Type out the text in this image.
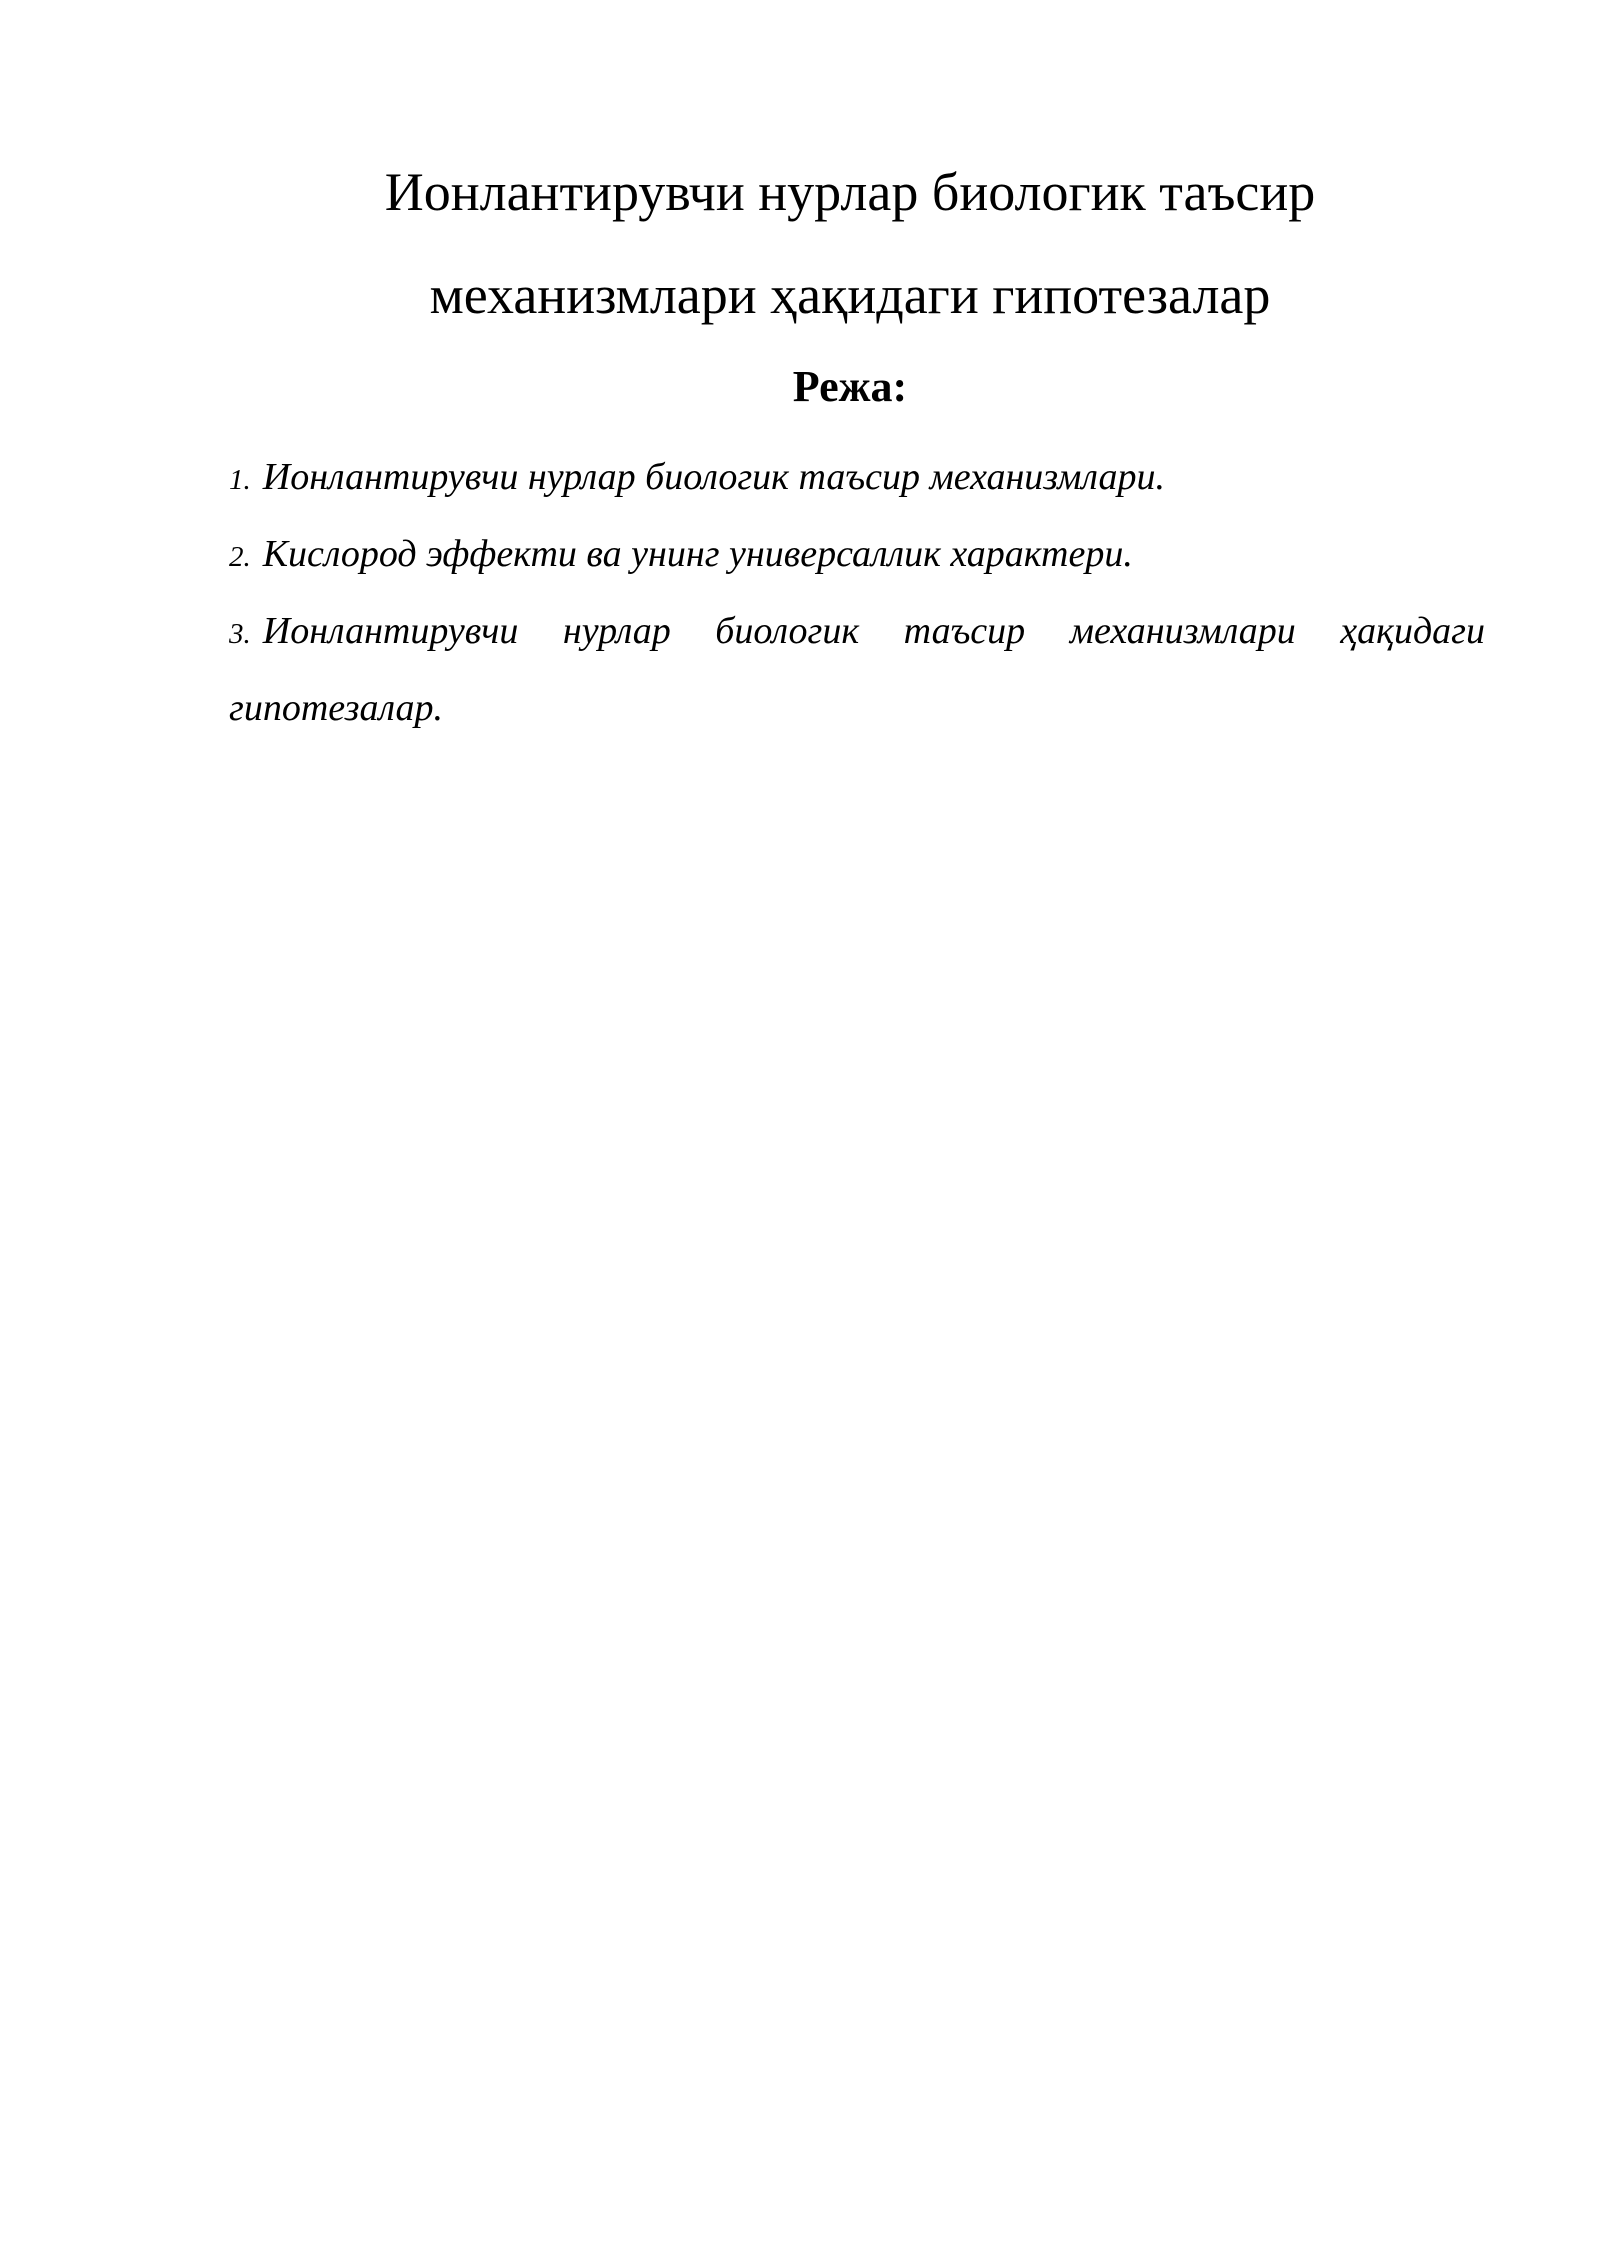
Ионлантирувчи нурлар биологик таъсир
механизмлари ҳақидаги гипотезалар
Режа:
1. Ионлантирувчи нурлар биологик таъсир механизмлари.
2. Кислород эффекти ва унинг универсаллик характери.
3. Ионлантирувчи нурлар биологик таъсир механизмлари ҳақидаги гипотезалар.
